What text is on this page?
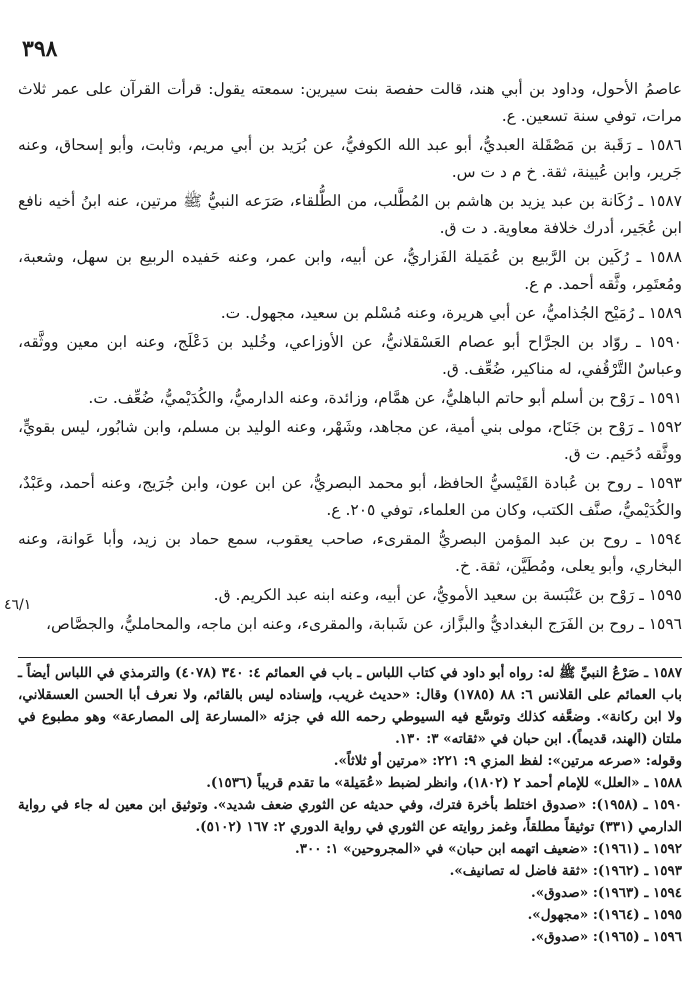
٣٩٨
٤٦/١

عاصمُ الأحول، وداود بن أبي هند، قالت حفصة بنت سيرين: سمعته يقول: قرأت القرآن على عمر ثلاث مرات، توفي سنة تسعين. ع.

١٥٨٦ ـ رَقَبة بن مَصْقَلة العبديُّ، أبو عبد الله الكوفيُّ، عن بُرَيد بن أبي مريم، وثابت، وأبو إسحاق، وعنه جَرير، وابن عُيينة، ثقة. خ م د ت س.

١٥٨٧ ـ رُكَانة بن عبد يزيد بن هاشم بن المُطَّلب، من الطُّلقاء، صَرَعه النبيُّ ﷺ مرتين، عنه ابنُ أخيه نافع ابن عُجَير، أدرك خلافة معاوية. د ت ق.

١٥٨٨ ـ رُكَين بن الرَّبيع بن عُمَيلة الفَزاريُّ، عن أبيه، وابن عمر، وعنه حَفيده الربيع بن سهل، وشعبة، ومُعتَمِر، وثَّقه أحمد. م ع.

١٥٨٩ ـ رُمَيْح الجُذاميُّ، عن أبي هريرة، وعنه مُسْلم بن سعيد، مجهول. ت.

١٥٩٠ ـ روّاد بن الجرَّاح أبو عصام العَسْقلانيُّ، عن الأوزاعي، وخُليد بن دَعْلَج، وعنه ابن معين ووثَّقه، وعباسٌ التَّرْقُفي، له مناكير، ضُعِّف. ق.

١٥٩١ ـ رَوْح بن أسلم أبو حاتم الباهليُّ، عن همَّام، وزائدة، وعنه الدارميُّ، والكُدَيْميُّ، ضُعِّف. ت.

١٥٩٢ ـ رَوْح بن جَنَاح، مولى بني أمية، عن مجاهد، وشَهْر، وعنه الوليد بن مسلم، وابن شابُور، ليس بقويٍّ، ووثَّقه دُحَيم. ت ق.

١٥٩٣ ـ روح بن عُبادة القَيْسيُّ الحافظ، أبو محمد البصريُّ، عن ابن عون، وابن جُرَيج، وعنه أحمد، وعَبْدٌ، والكُدَيْميُّ، صنَّف الكتب، وكان من العلماء، توفي ٢٠٥. ع.

١٥٩٤ ـ روح بن عبد المؤمن البصريُّ المقرىء، صاحب يعقوب، سمع حماد بن زيد، وأبا عَوانة، وعنه البخاري، وأبو يعلى، ومُطَيَّن، ثقة. خ.

١٥٩٥ ـ رَوْح بن عَنْبَسة بن سعيد الأمويُّ، عن أبيه، وعنه ابنه عبد الكريم. ق.

١٥٩٦ ـ روح بن الفَرَج البغداديُّ والبزَّاز، عن شَبابة، والمقرىء، وعنه ابن ماجه، والمحامليُّ، والجصَّاص،

١٥٨٧ ـ صَرْعُ النبيِّ ﷺ له: رواه أبو داود في كتاب اللباس ـ باب في العمائم ٤: ٣٤٠ (٤٠٧٨) والترمذي في اللباس أيضاً ـ باب العمائم على القلانس ٦: ٨٨ (١٧٨٥) وقال: «حديث غريب، وإسناده ليس بالقائم، ولا نعرف أبا الحسن العسقلاني، ولا ابن ركانة». وضعَّفه كذلك وتوسَّع فيه السيوطي رحمه الله في جزئه «المسارعة إلى المصارعة» وهو مطبوع في ملتان (الهند، قديماً). ابن حبان في «ثقاته» ٣: ١٣٠.

وقوله: «صرعه مرتين»: لفظ المزي ٩: ٢٢١: «مرتين أو ثلاثاً».

١٥٨٨ ـ «العلل» للإمام أحمد ٢ (١٨٠٢)، وانظر لضبط «عُمَيلة» ما تقدم قريباً (١٥٣٦).

١٥٩٠ ـ (١٩٥٨): «صدوق اختلط بأخرة فترك، وفي حديثه عن الثوري ضعف شديد». وتوثيق ابن معين له جاء في رواية الدارمي (٣٣١) توثيقاً مطلقاً، وغمز روايته عن الثوري في رواية الدوري ٢: ١٦٧ (٥١٠٢).

١٥٩٢ ـ (١٩٦١): «ضعيف اتهمه ابن حبان» في «المجروحين» ١: ٣٠٠.

١٥٩٣ ـ (١٩٦٢): «ثقة فاضل له تصانيف».

١٥٩٤ ـ (١٩٦٣): «صدوق».

١٥٩٥ ـ (١٩٦٤): «مجهول».

١٥٩٦ ـ (١٩٦٥): «صدوق».
